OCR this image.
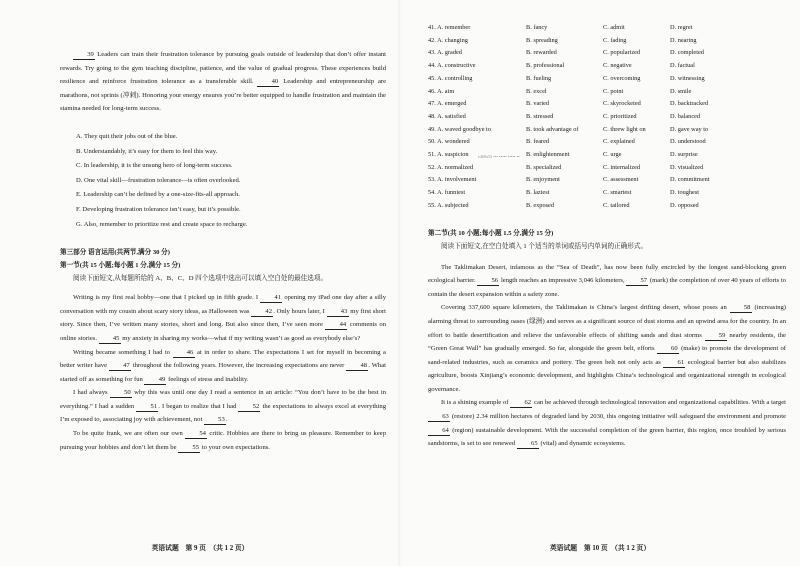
39 Leaders can train their frustration tolerance by pursuing goals outside of leadership that don’t offer instant rewards. Try going to the gym teaching discipline, patience, and the value of gradual progress. These experiences build resilience and reinforce frustration tolerance as a transferable skill. 40 Leadership and entrepreneurship are marathons, not sprints (冲刺). Honoring your energy ensures you’re better equipped to handle frustration and maintain the stamina needed for long-term success.

A. They quit their jobs out of the blue.
B. Understandably, it’s easy for them to feel this way.
C. In leadership, it is the unsung hero of long-term success.
D. One vital skill—frustration tolerance—is often overlooked.
E. Leadership can’t be defined by a one-size-fits-all approach.
F. Developing frustration tolerance isn’t easy, but it’s possible.
G. Also, remember to prioritize rest and create space to recharge.
第三部分 语言运用(共两节,满分 30 分)
第一节(共 15 小题;每小题 1 分,满分 15 分)
阅读下面短文,从每题所给的 A、B、C、D 四个选项中选出可以填入空白处的最佳选项。

Writing is my first real hobby—one that I picked up in fifth grade. I 41 opening my iPad one day after a silly conversation with my cousin about scary story ideas, as Halloween was 42. Only hours later, I 43 my first short story. Since then, I’ve written many stories, short and long. But also since then, I’ve seen more 44 comments on online stories. 45 my anxiety in sharing my works—what if my writing wasn’t as good as everybody else’s?

Writing became something I had to 46 at in order to share. The expectations I set for myself in becoming a better writer have 47 throughout the following years. However, the increasing expectations are never 48. What started off as something for fun 49 feelings of stress and inability.

I had always 50 why this was until one day I read a sentence in an article: “You don’t have to be the best in everything.” I had a sudden 51. I began to realize that I had 52 the expectations to always excel at everything I’m exposed to, associating joy with achievement, not 53.

To be quite frank, we are often our own 54 critic. Hobbies are there to bring us pleasure. Remember to keep pursuing your hobbies and don’t let them be 55 to your own expectations.

英语试题　第 9 页　（共 1 2 页）
41. A. remember	B. fancy	C. admit	D. regret
42. A. changing	B. spreading	C. fading	D. nearing
43. A. graded	B. rewarded	C. popularized	D. completed
44. A. constructive	B. professional	C. negative	D. factual
45. A. controlling	B. fueling	C. overcoming	D. witnessing
46. A. aim	B. excel	C. point	D. smile
47. A. emerged	B. varied	C. skyrocketed	D. backtracked
48. A. satisfied	B. stressed	C. prioritized	D. balanced
49. A. waved goodbye to	B. took advantage of	C. threw light on	D. gave way to
50. A. wondered	B. feared	C. explained	D. understood
51. A. suspicion	B. enlightenment	C. urge	D. surprise
52. A. normalized	B. specialized	C. internalized	D. visualized
53. A. involvement	B. enjoyment	C. assessment	D. commitment
54. A. funniest	B. laziest	C. smartest	D. toughest
55. A. subjected	B. exposed	C. tailored	D. opposed
第二节(共 10 小题;每小题 1.5 分,满分 15 分)
阅读下面短文,在空白处填入 1 个适当的单词或括号内单词的正确形式。

The Taklimakan Desert, infamous as the “Sea of Death”, has now been fully encircled by the longest sand-blocking green ecological barrier. 56 length reaches an impressive 3,046 kilometers, 57 (mark) the completion of over 40 years of efforts to contain the desert expansion within a safety zone.

Covering 337,600 square kilometers, the Taklimakan is China’s largest drifting desert, whose poses an 58 (increasing) alarming threat to surrounding oases (绿洲) and serves as a significant source of dust storms and an upwind area for the country. In an effort to battle desertification and relieve the unfavorable effects of shifting sands and dust storms 59 nearby residents, the “Green Great Wall” has gradually emerged. So far, alongside the green belt, efforts 60 (make) to promote the development of sand-related industries, such as ceramics and pottery. The green belt not only acts as 61 ecological barrier but also stabilizes agriculture, boosts Xinjiang’s economic development, and highlights China’s technological and organizational strength in ecological governance.

It is a shining example of 62 can be achieved through technological innovation and organizational capabilities. With a target 63 (restore) 2.34 million hectares of degraded land by 2030, this ongoing initiative will safeguard the environment and promote 64 (region) sustainable development. With the successful completion of the green barrier, this region, once troubled by serious sandstorms, is set to see renewed 65 (vital) and dynamic ecosystems.

英语试题　第 10 页　（共 1 2 页）
e4b9a53 ••• ••••• ••••• ••
